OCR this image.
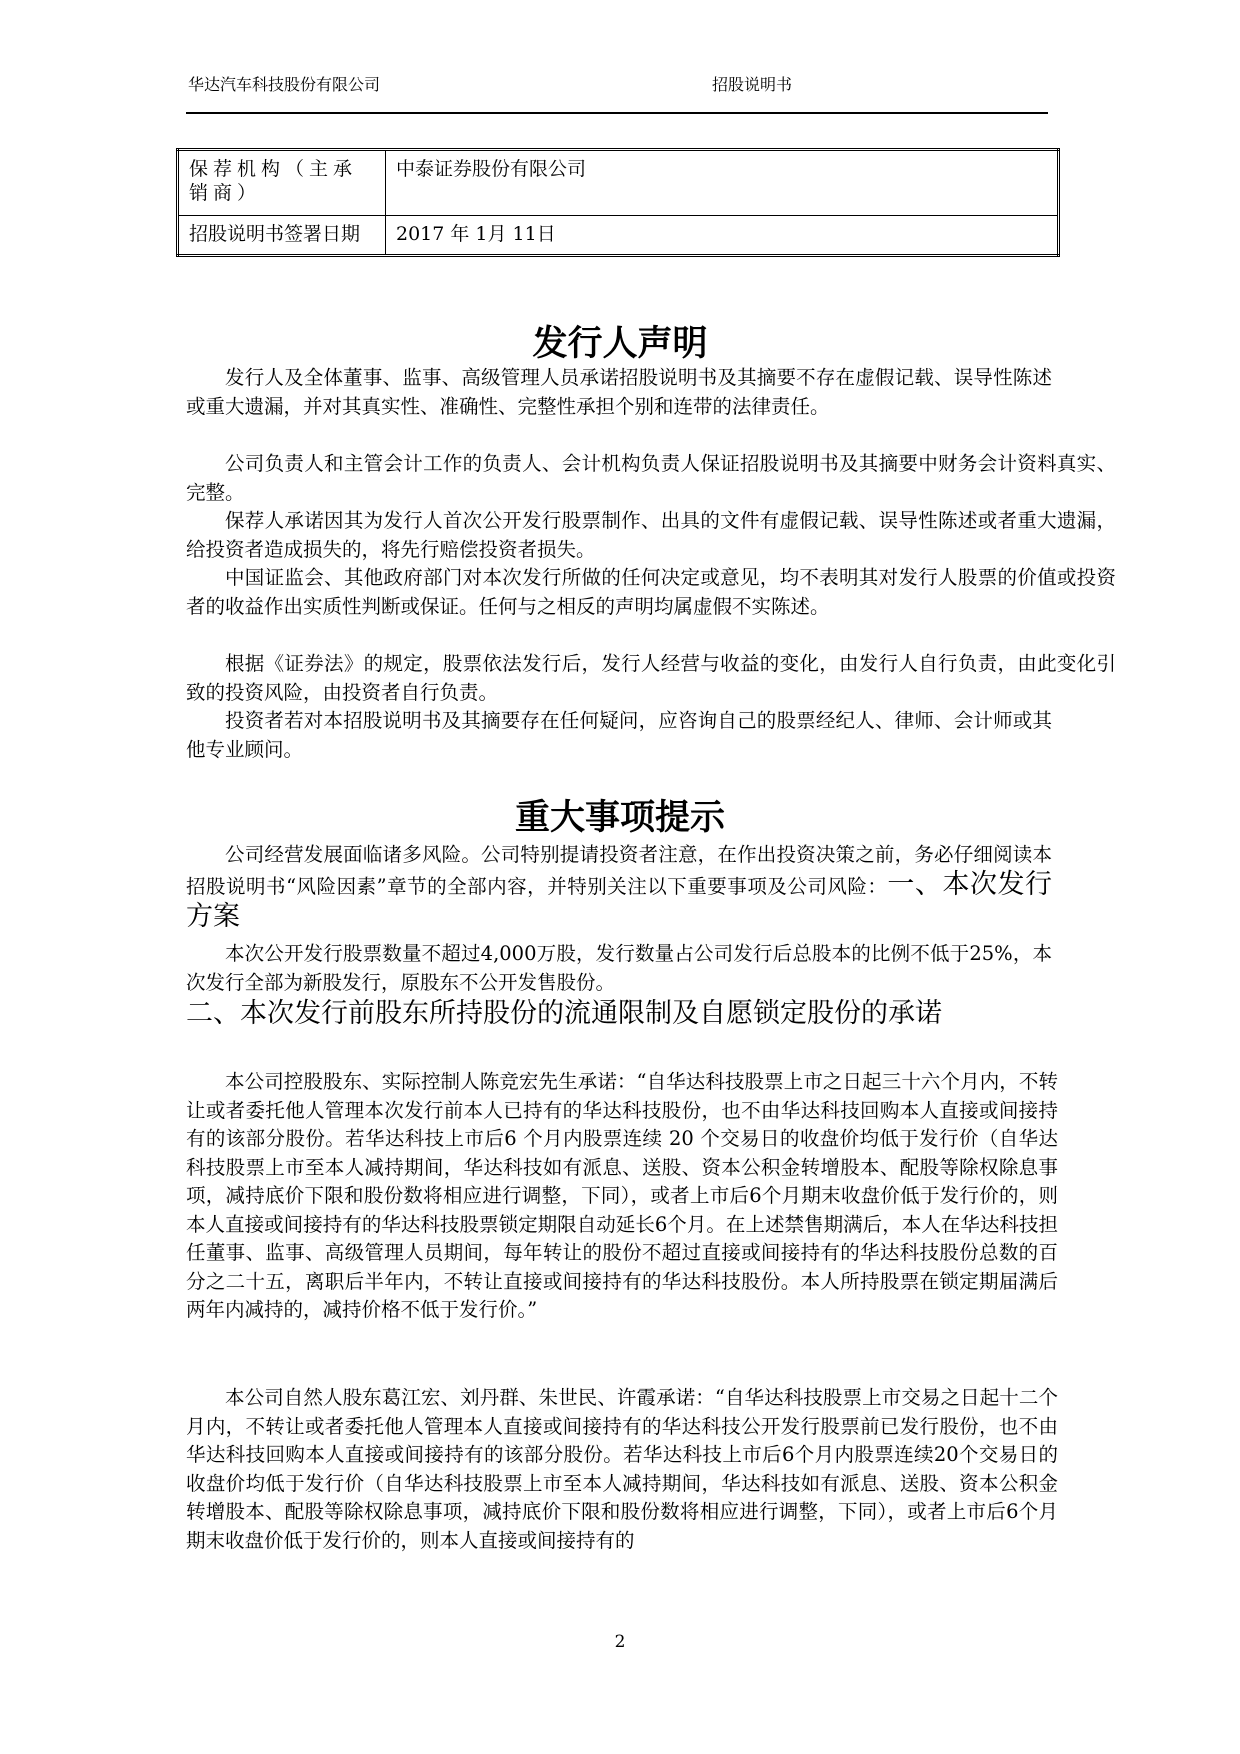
华达汽车科技股份有限公司	招股说明书
保荐机构（主承销商）	中泰证券股份有限公司
招股说明书签署日期	2017 年 1月 11日
发行人声明

发行人及全体董事、监事、高级管理人员承诺招股说明书及其摘要不存在虚假记载、误导性陈述或重大遗漏，并对其真实性、准确性、完整性承担个别和连带的法律责任。

公司负责人和主管会计工作的负责人、会计机构负责人保证招股说明书及其摘要中财务会计资料真实、完整。

保荐人承诺因其为发行人首次公开发行股票制作、出具的文件有虚假记载、误导性陈述或者重大遗漏，给投资者造成损失的，将先行赔偿投资者损失。

中国证监会、其他政府部门对本次发行所做的任何决定或意见，均不表明其对发行人股票的价值或投资者的收益作出实质性判断或保证。任何与之相反的声明均属虚假不实陈述。

根据《证券法》的规定，股票依法发行后，发行人经营与收益的变化，由发行人自行负责，由此变化引致的投资风险，由投资者自行负责。

投资者若对本招股说明书及其摘要存在任何疑问，应咨询自己的股票经纪人、律师、会计师或其他专业顾问。

重大事项提示

公司经营发展面临诸多风险。公司特别提请投资者注意，在作出投资决策之前，务必仔细阅读本招股说明书“风险因素”章节的全部内容，并特别关注以下重要事项及公司风险：一、本次发行方案

本次公开发行股票数量不超过4,000万股，发行数量占公司发行后总股本的比例不低于25%，本次发行全部为新股发行，原股东不公开发售股份。

二、本次发行前股东所持股份的流通限制及自愿锁定股份的承诺

本公司控股股东、实际控制人陈竞宏先生承诺：“自华达科技股票上市之日起三十六个月内，不转让或者委托他人管理本次发行前本人已持有的华达科技股份，也不由华达科技回购本人直接或间接持有的该部分股份。若华达科技上市后6 个月内股票连续 20 个交易日的收盘价均低于发行价（自华达科技股票上市至本人减持期间，华达科技如有派息、送股、资本公积金转增股本、配股等除权除息事项，减持底价下限和股份数将相应进行调整，下同），或者上市后6个月期末收盘价低于发行价的，则本人直接或间接持有的华达科技股票锁定期限自动延长6个月。在上述禁售期满后，本人在华达科技担任董事、监事、高级管理人员期间，每年转让的股份不超过直接或间接持有的华达科技股份总数的百分之二十五，离职后半年内，不转让直接或间接持有的华达科技股份。本人所持股票在锁定期届满后两年内减持的，减持价格不低于发行价。”

本公司自然人股东葛江宏、刘丹群、朱世民、许霞承诺：“自华达科技股票上市交易之日起十二个月内，不转让或者委托他人管理本人直接或间接持有的华达科技公开发行股票前已发行股份，也不由华达科技回购本人直接或间接持有的该部分股份。若华达科技上市后6个月内股票连续20个交易日的收盘价均低于发行价（自华达科技股票上市至本人减持期间，华达科技如有派息、送股、资本公积金转增股本、配股等除权除息事项，减持底价下限和股份数将相应进行调整，下同），或者上市后6个月期末收盘价低于发行价的，则本人直接或间接持有的

2
